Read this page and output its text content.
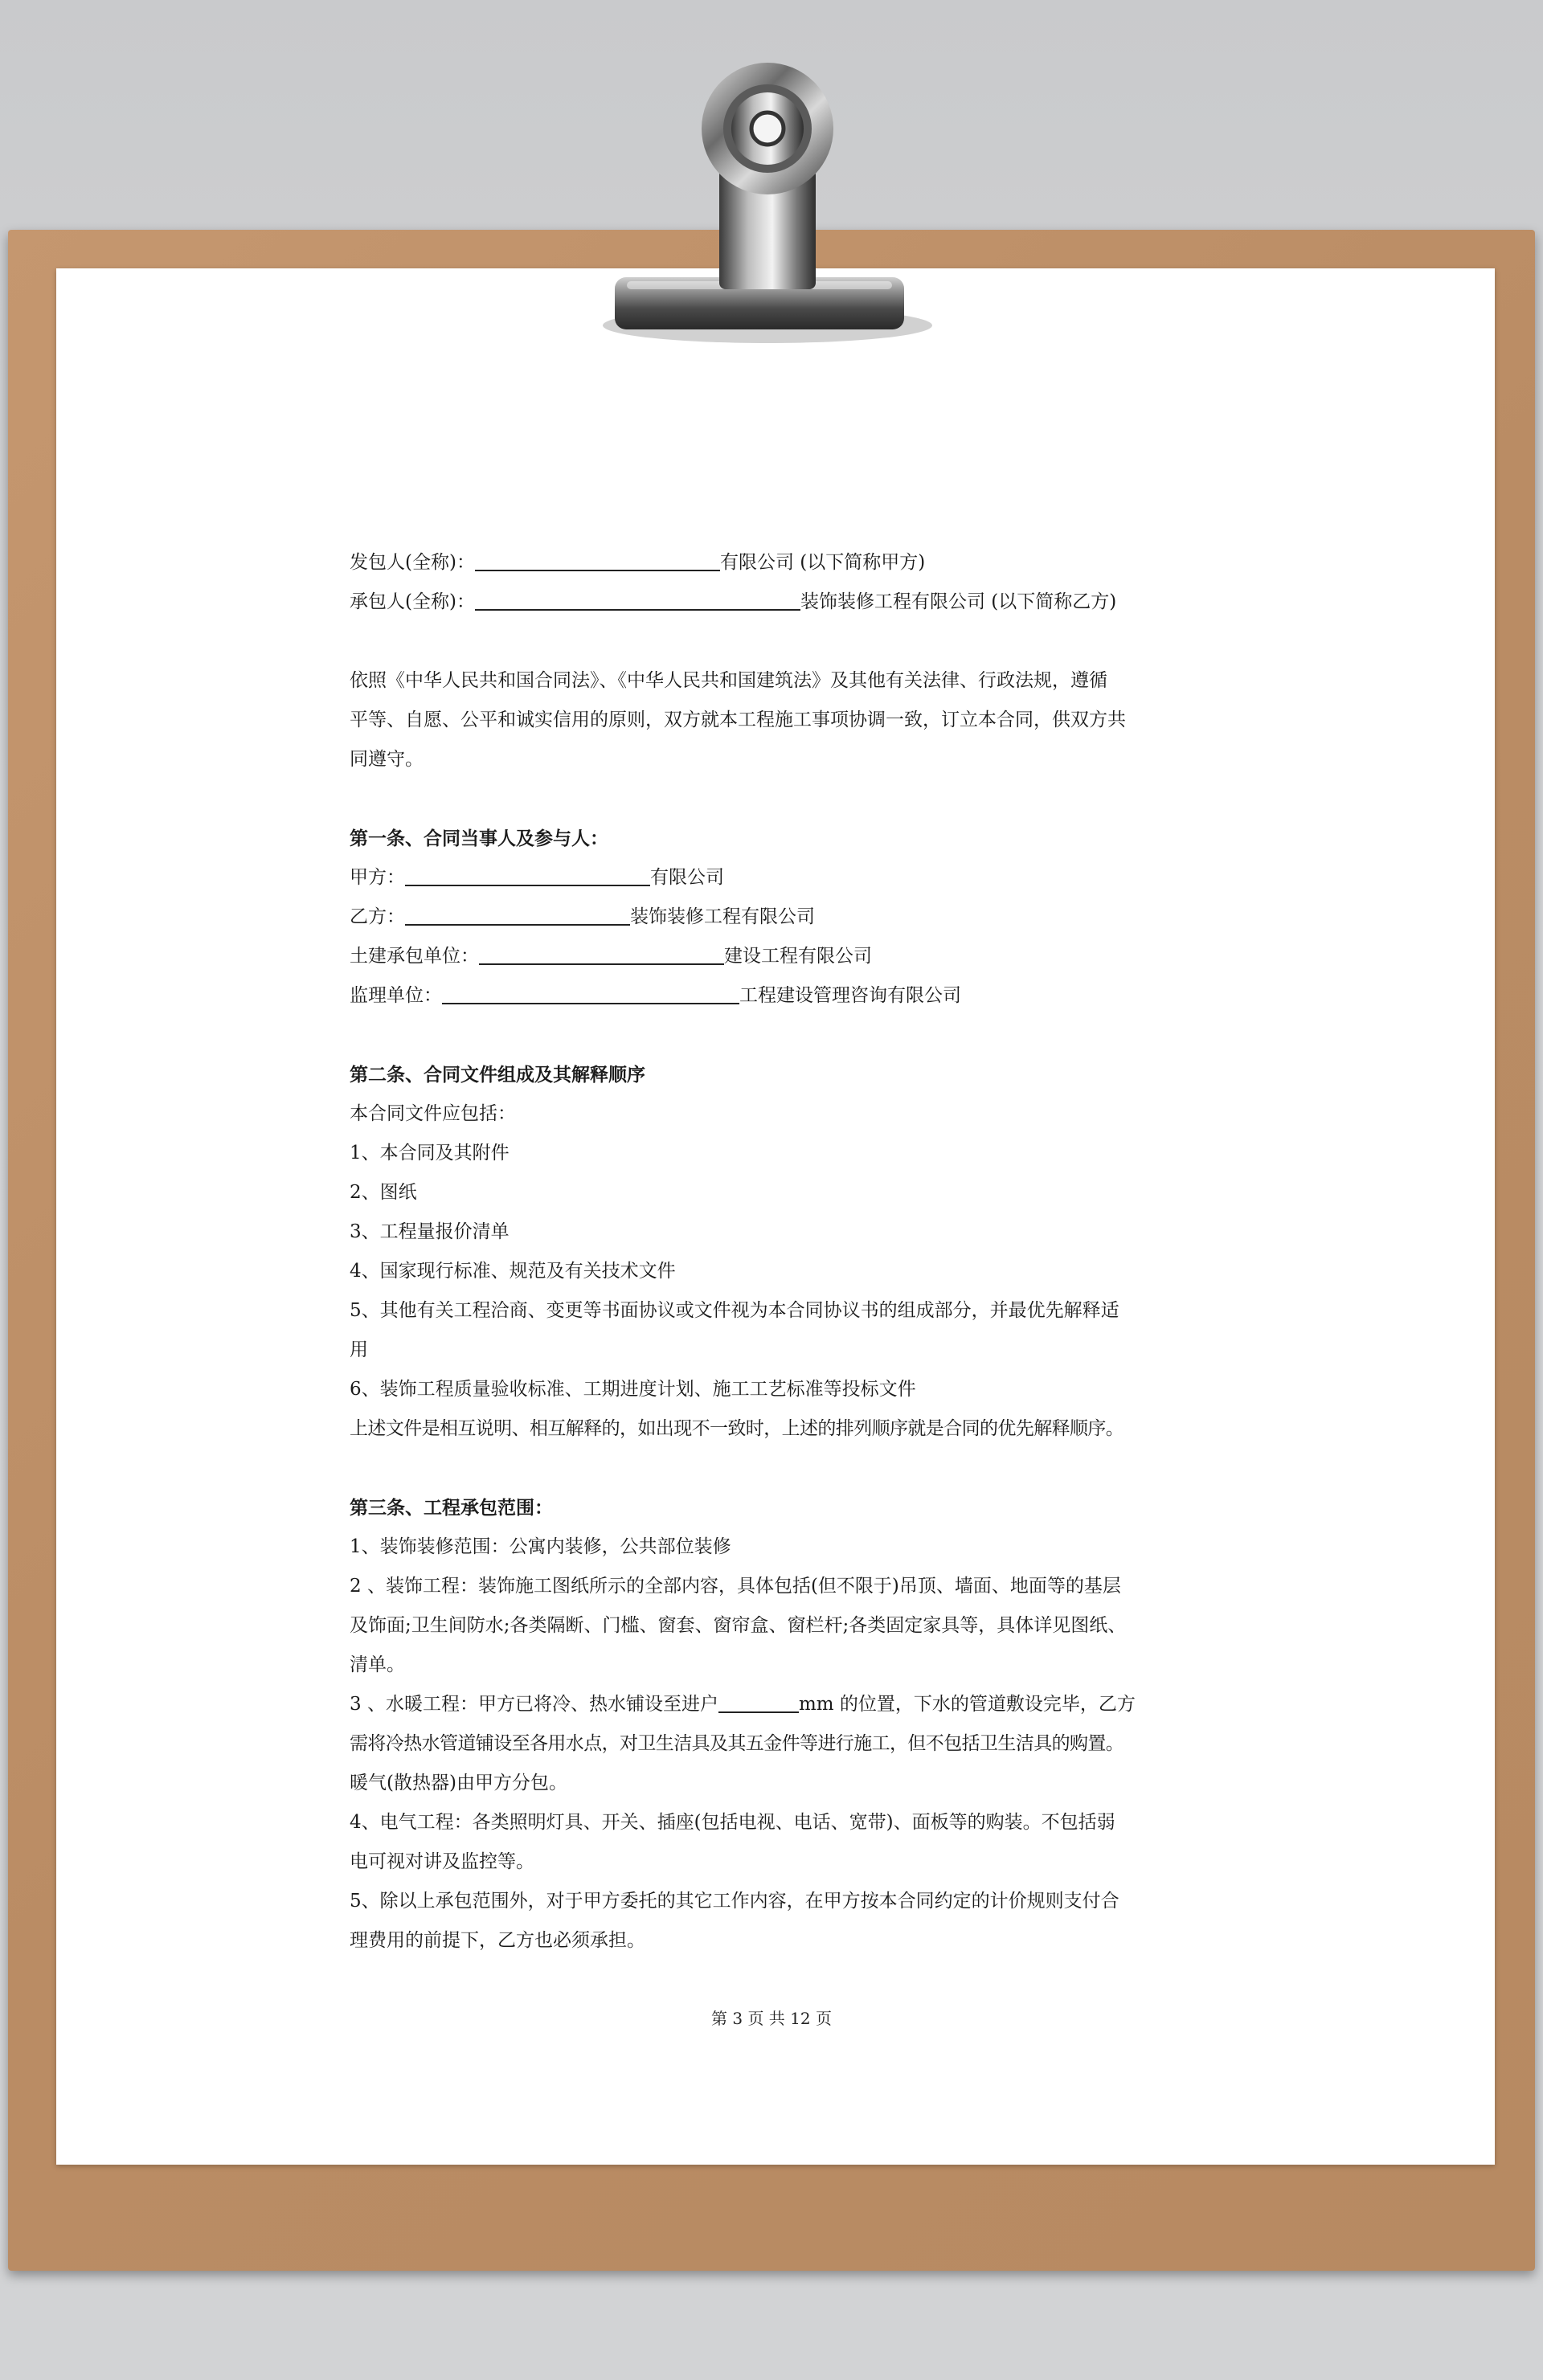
发包人(全称)：	有限公司 (以下简称甲方)

承包人(全称)：	装饰装修工程有限公司 (以下简称乙方)

依照《中华人民共和国合同法》、《中华人民共和国建筑法》及其他有关法律、行政法规，遵循

平等、自愿、公平和诚实信用的原则，双方就本工程施工事项协调一致，订立本合同，供双方共

同遵守。

第一条、合同当事人及参与人：

甲方：	有限公司

乙方：	装饰装修工程有限公司

土建承包单位：	建设工程有限公司

监理单位：	工程建设管理咨询有限公司

第二条、合同文件组成及其解释顺序

本合同文件应包括：

1、本合同及其附件

2、图纸

3、工程量报价清单

4、国家现行标准、规范及有关技术文件

5、其他有关工程洽商、变更等书面协议或文件视为本合同协议书的组成部分，并最优先解释适

用

6、装饰工程质量验收标准、工期进度计划、施工工艺标准等投标文件

上述文件是相互说明、相互解释的，如出现不一致时，上述的排列顺序就是合同的优先解释顺序。

第三条、工程承包范围：

1、装饰装修范围：公寓内装修，公共部位装修

2 、装饰工程：装饰施工图纸所示的全部内容，具体包括(但不限于)吊顶、墙面、地面等的基层

及饰面;卫生间防水;各类隔断、门槛、窗套、窗帘盒、窗栏杆;各类固定家具等，具体详见图纸、

清单。

3 、水暖工程：甲方已将冷、热水铺设至进户	mm 的位置，下水的管道敷设完毕，乙方

需将冷热水管道铺设至各用水点，对卫生洁具及其五金件等进行施工，但不包括卫生洁具的购置。

暖气(散热器)由甲方分包。

4、电气工程：各类照明灯具、开关、插座(包括电视、电话、宽带)、面板等的购装。不包括弱

电可视对讲及监控等。

5、除以上承包范围外，对于甲方委托的其它工作内容，在甲方按本合同约定的计价规则支付合

理费用的前提下，乙方也必须承担。

第 3 页 共 12 页
